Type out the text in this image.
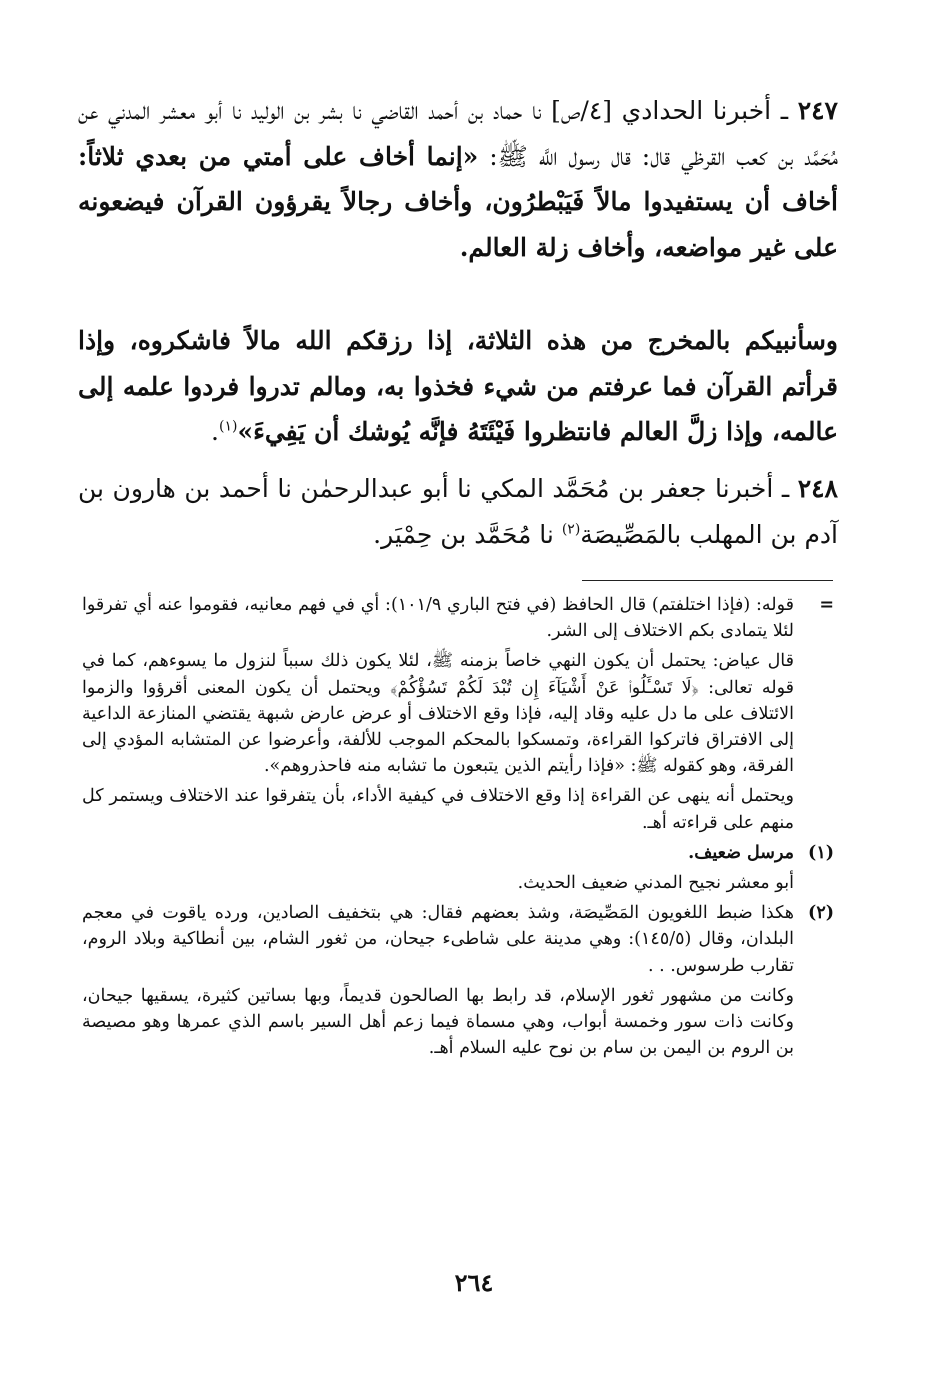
٢٤٧ ـ أخبرنا الحدادي [٤/ص] نا حماد بن أحمد القاضي نا بشر بن الوليد نا أبو معشر المدني عن مُحَمَّد بن كعب القرظي قال: قال رسول اللَّه ﷺ: «إنما أخاف على أمتي من بعدي ثلاثاً: أخاف أن يستفيدوا مالاً فَيَبْطرُون، وأخاف رجالاً يقرؤون القرآن فيضعونه على غير مواضعه، وأخاف زلة العالم.

وسأنبيكم بالمخرج من هذه الثلاثة، إذا رزقكم الله مالاً فاشكروه، وإذا قرأتم القرآن فما عرفتم من شيء فخذوا به، ومالم تدروا فردوا علمه إلى عالمه، وإذا زلَّ العالم فانتظروا فَيْئَتَهُ فإنَّه يُوشك أن يَفِيءَ»$^{(١)}$.

٢٤٨ ـ أخبرنا جعفر بن مُحَمَّد المكي نا أبو عبدالرحمٰن نا أحمد بن هارون بن آدم بن المهلب بالمَصِّيصَة$^{(٢)}$ نا مُحَمَّد بن حِمْيَر.

=

قوله: (فإذا اختلفتم) قال الحافظ (في فتح الباري ١٠١/٩): أي في فهم معانيه، فقوموا عنه أي تفرقوا لئلا يتمادى بكم الاختلاف إلى الشر.

قال عياض: يحتمل أن يكون النهي خاصاً بزمنه ﷺ، لئلا يكون ذلك سبباً لنزول ما يسوءهم، كما في قوله تعالى: ﴿لَا تَسْـَٔلُوا۟ عَنْ أَشْيَآءَ إِن تُبْدَ لَكُمْ تَسُؤْكُمْ﴾ ويحتمل أن يكون المعنى أقرؤوا والزموا الائتلاف على ما دل عليه وقاد إليه، فإذا وقع الاختلاف أو عرض عارض شبهة يقتضي المنازعة الداعية إلى الافتراق فاتركوا القراءة، وتمسكوا بالمحكم الموجب للألفة، وأعرضوا عن المتشابه المؤدي إلى الفرقة، وهو كقوله ﷺ: «فإذا رأيتم الذين يتبعون ما تشابه منه فاحذروهم».

ويحتمل أنه ينهى عن القراءة إذا وقع الاختلاف في كيفية الأداء، بأن يتفرقوا عند الاختلاف ويستمر كل منهم على قراءته أهـ.

(١)

مرسل ضعيف.

أبو معشر نجيح المدني ضعيف الحديث.

(٢)

هكذا ضبط اللغويون المَصِّيصَة، وشذ بعضهم فقال: هي بتخفيف الصادين، ورده ياقوت في معجم البلدان، وقال (١٤٥/٥): وهي مدينة على شاطىء جيحان، من ثغور الشام، بين أنطاكية وبلاد الروم، تقارب طرسوس. . .

وكانت من مشهور ثغور الإسلام، قد رابط بها الصالحون قديماً، وبها بساتين كثيرة، يسقيها جيحان، وكانت ذات سور وخمسة أبواب، وهي مسماة فيما زعم أهل السير باسم الذي عمرها وهو مصيصة بن الروم بن اليمن بن سام بن نوح عليه السلام أهـ.

٢٦٤
